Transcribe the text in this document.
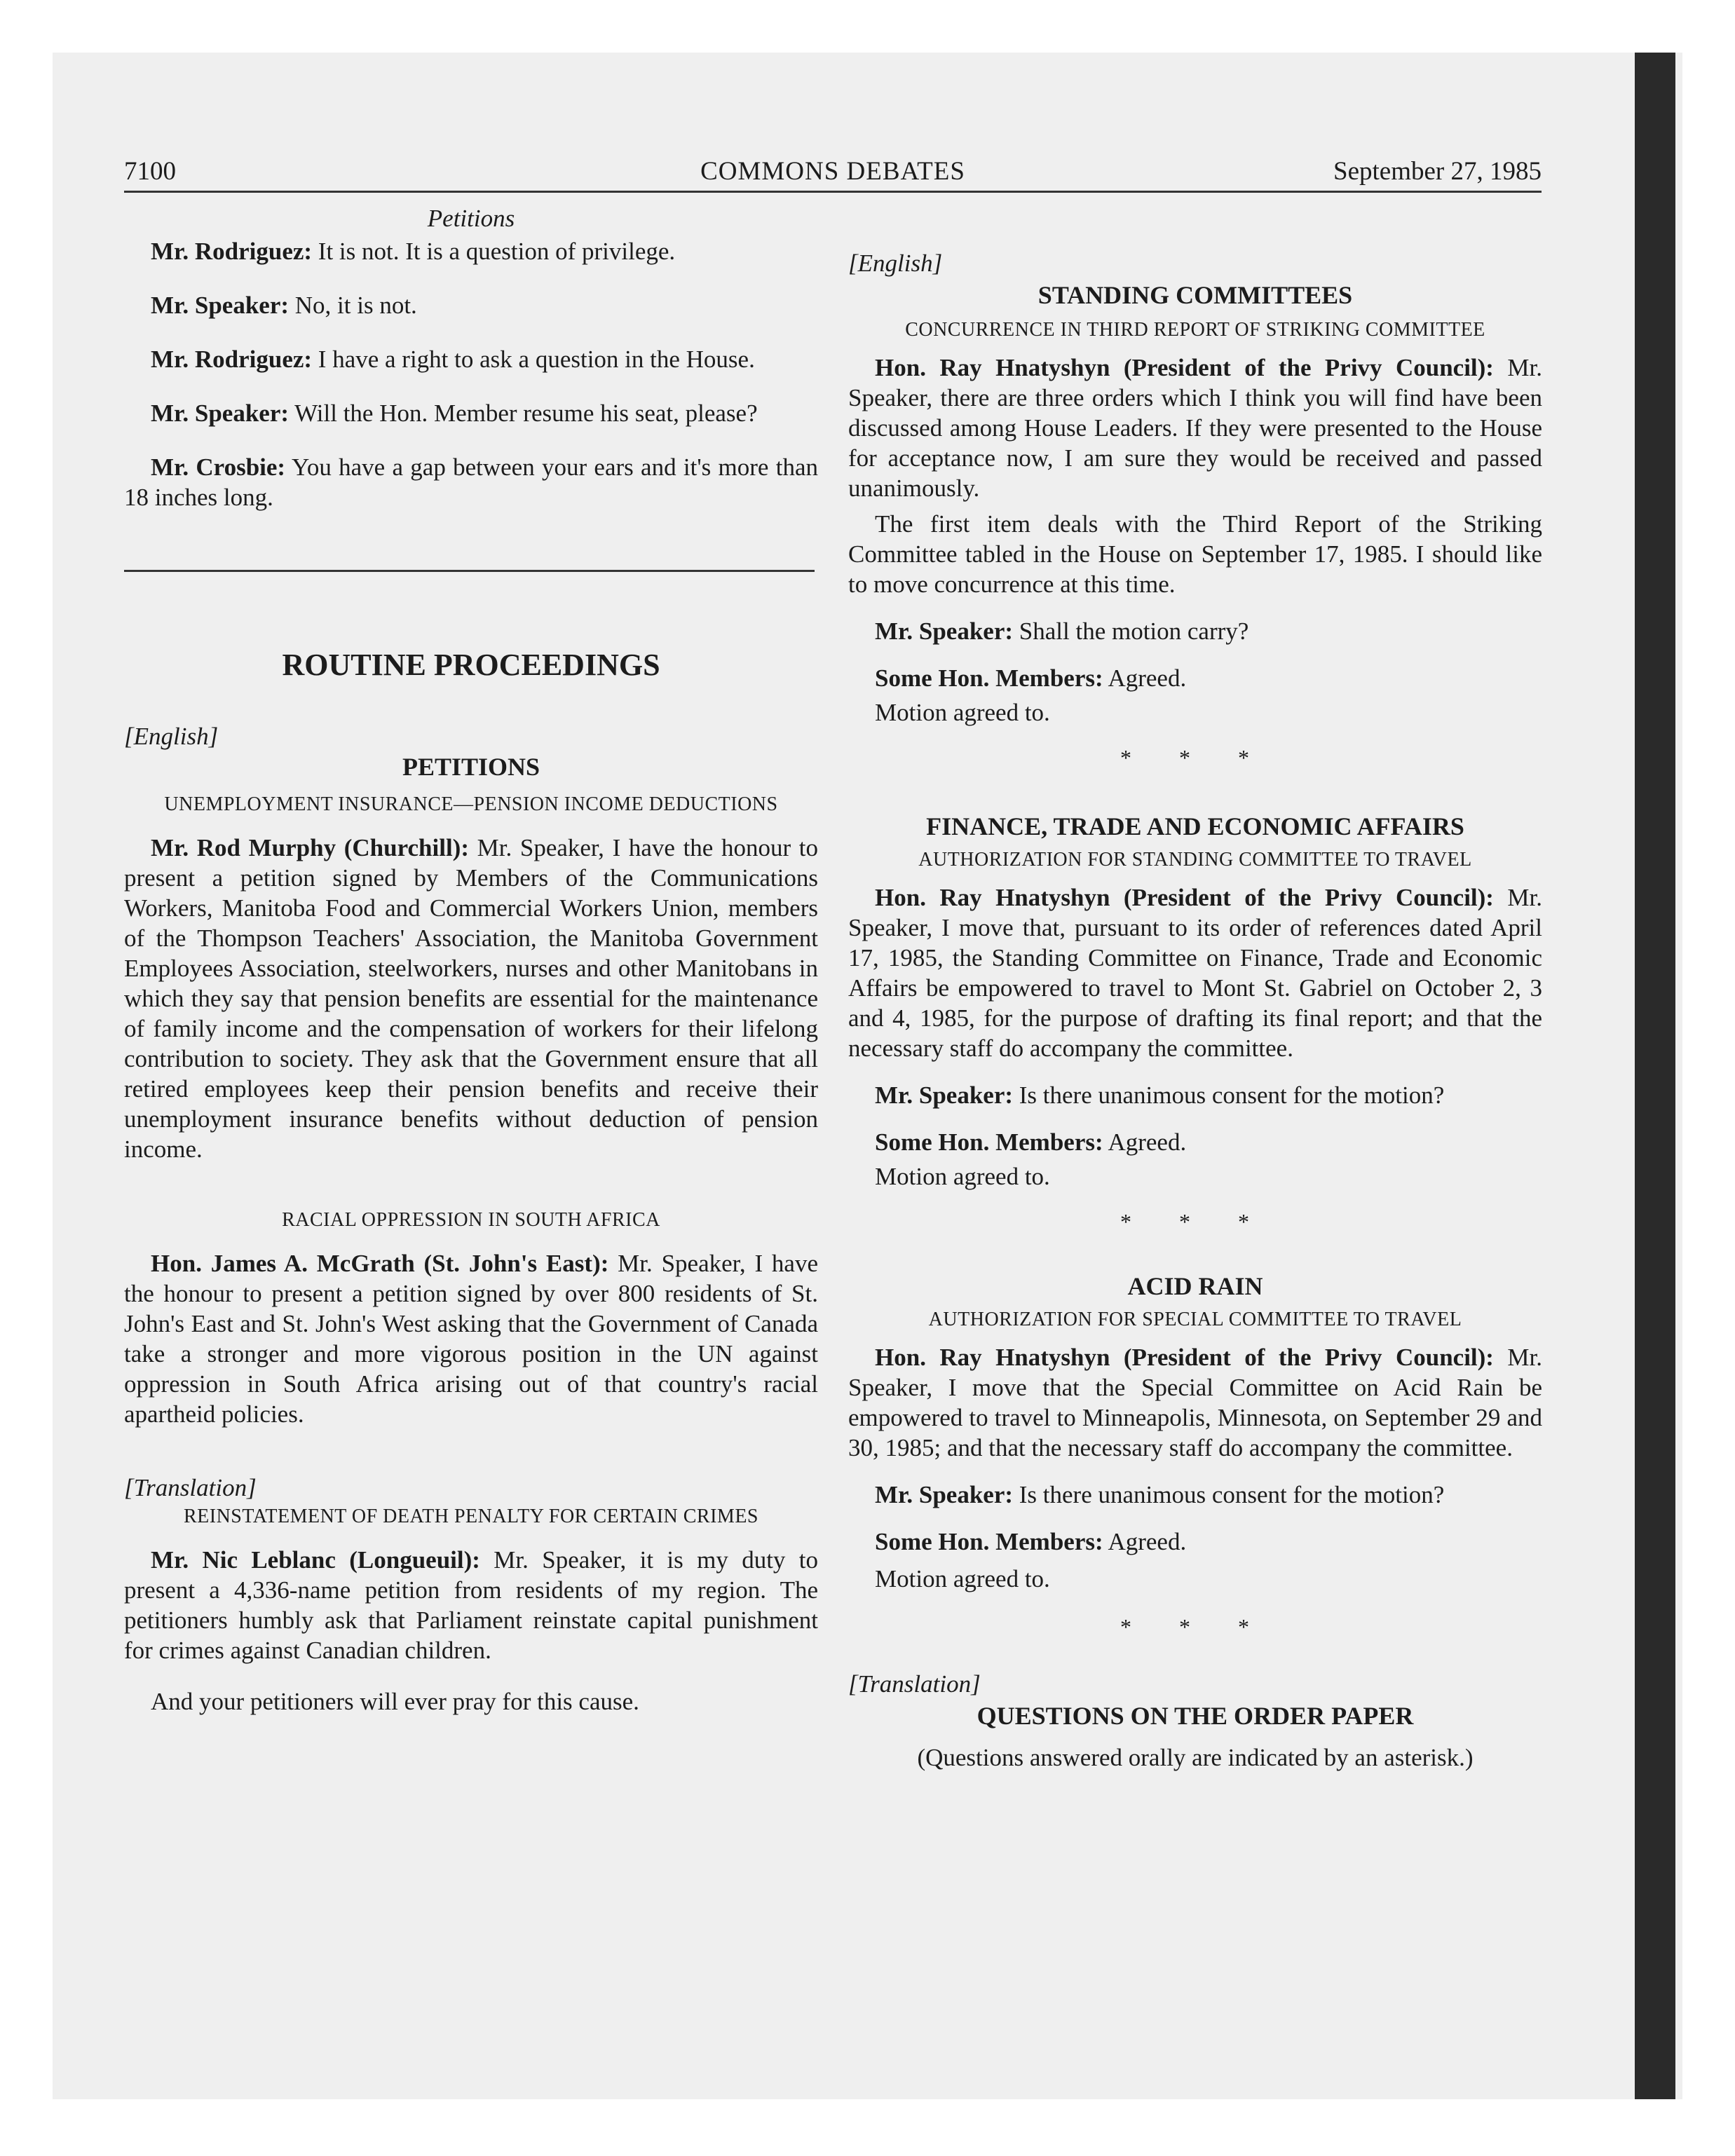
7100	COMMONS DEBATES	September 27, 1985
Petitions

Mr. Rodriguez: It is not. It is a question of privilege.

Mr. Speaker: No, it is not.

Mr. Rodriguez: I have a right to ask a question in the House.

Mr. Speaker: Will the Hon. Member resume his seat, please?

Mr. Crosbie: You have a gap between your ears and it's more than 18 inches long.

ROUTINE PROCEEDINGS
[English]
PETITIONS
UNEMPLOYMENT INSURANCE—PENSION INCOME DEDUCTIONS

Mr. Rod Murphy (Churchill): Mr. Speaker, I have the honour to present a petition signed by Members of the Communications Workers, Manitoba Food and Commercial Workers Union, members of the Thompson Teachers' Association, the Manitoba Government Employees Association, steelworkers, nurses and other Manitobans in which they say that pension benefits are essential for the maintenance of family income and the compensation of workers for their lifelong contribution to society. They ask that the Government ensure that all retired employees keep their pension benefits and receive their unemployment insurance benefits without deduction of pension income.

RACIAL OPPRESSION IN SOUTH AFRICA

Hon. James A. McGrath (St. John's East): Mr. Speaker, I have the honour to present a petition signed by over 800 residents of St. John's East and St. John's West asking that the Government of Canada take a stronger and more vigorous position in the UN against oppression in South Africa arising out of that country's racial apartheid policies.

[Translation]
REINSTATEMENT OF DEATH PENALTY FOR CERTAIN CRIMES

Mr. Nic Leblanc (Longueuil): Mr. Speaker, it is my duty to present a 4,336-name petition from residents of my region. The petitioners humbly ask that Parliament reinstate capital punishment for crimes against Canadian children.

And your petitioners will ever pray for this cause.

[English]
STANDING COMMITTEES
CONCURRENCE IN THIRD REPORT OF STRIKING COMMITTEE

Hon. Ray Hnatyshyn (President of the Privy Council): Mr. Speaker, there are three orders which I think you will find have been discussed among House Leaders. If they were presented to the House for acceptance now, I am sure they would be received and passed unanimously.

The first item deals with the Third Report of the Striking Committee tabled in the House on September 17, 1985. I should like to move concurrence at this time.

Mr. Speaker: Shall the motion carry?

Some Hon. Members: Agreed.

Motion agreed to.

* * *
FINANCE, TRADE AND ECONOMIC AFFAIRS
AUTHORIZATION FOR STANDING COMMITTEE TO TRAVEL

Hon. Ray Hnatyshyn (President of the Privy Council): Mr. Speaker, I move that, pursuant to its order of references dated April 17, 1985, the Standing Committee on Finance, Trade and Economic Affairs be empowered to travel to Mont St. Gabriel on October 2, 3 and 4, 1985, for the purpose of drafting its final report; and that the necessary staff do accompany the committee.

Mr. Speaker: Is there unanimous consent for the motion?

Some Hon. Members: Agreed.

Motion agreed to.

* * *
ACID RAIN
AUTHORIZATION FOR SPECIAL COMMITTEE TO TRAVEL

Hon. Ray Hnatyshyn (President of the Privy Council): Mr. Speaker, I move that the Special Committee on Acid Rain be empowered to travel to Minneapolis, Minnesota, on September 29 and 30, 1985; and that the necessary staff do accompany the committee.

Mr. Speaker: Is there unanimous consent for the motion?

Some Hon. Members: Agreed.

Motion agreed to.

* * *
[Translation]
QUESTIONS ON THE ORDER PAPER
(Questions answered orally are indicated by an asterisk.)
